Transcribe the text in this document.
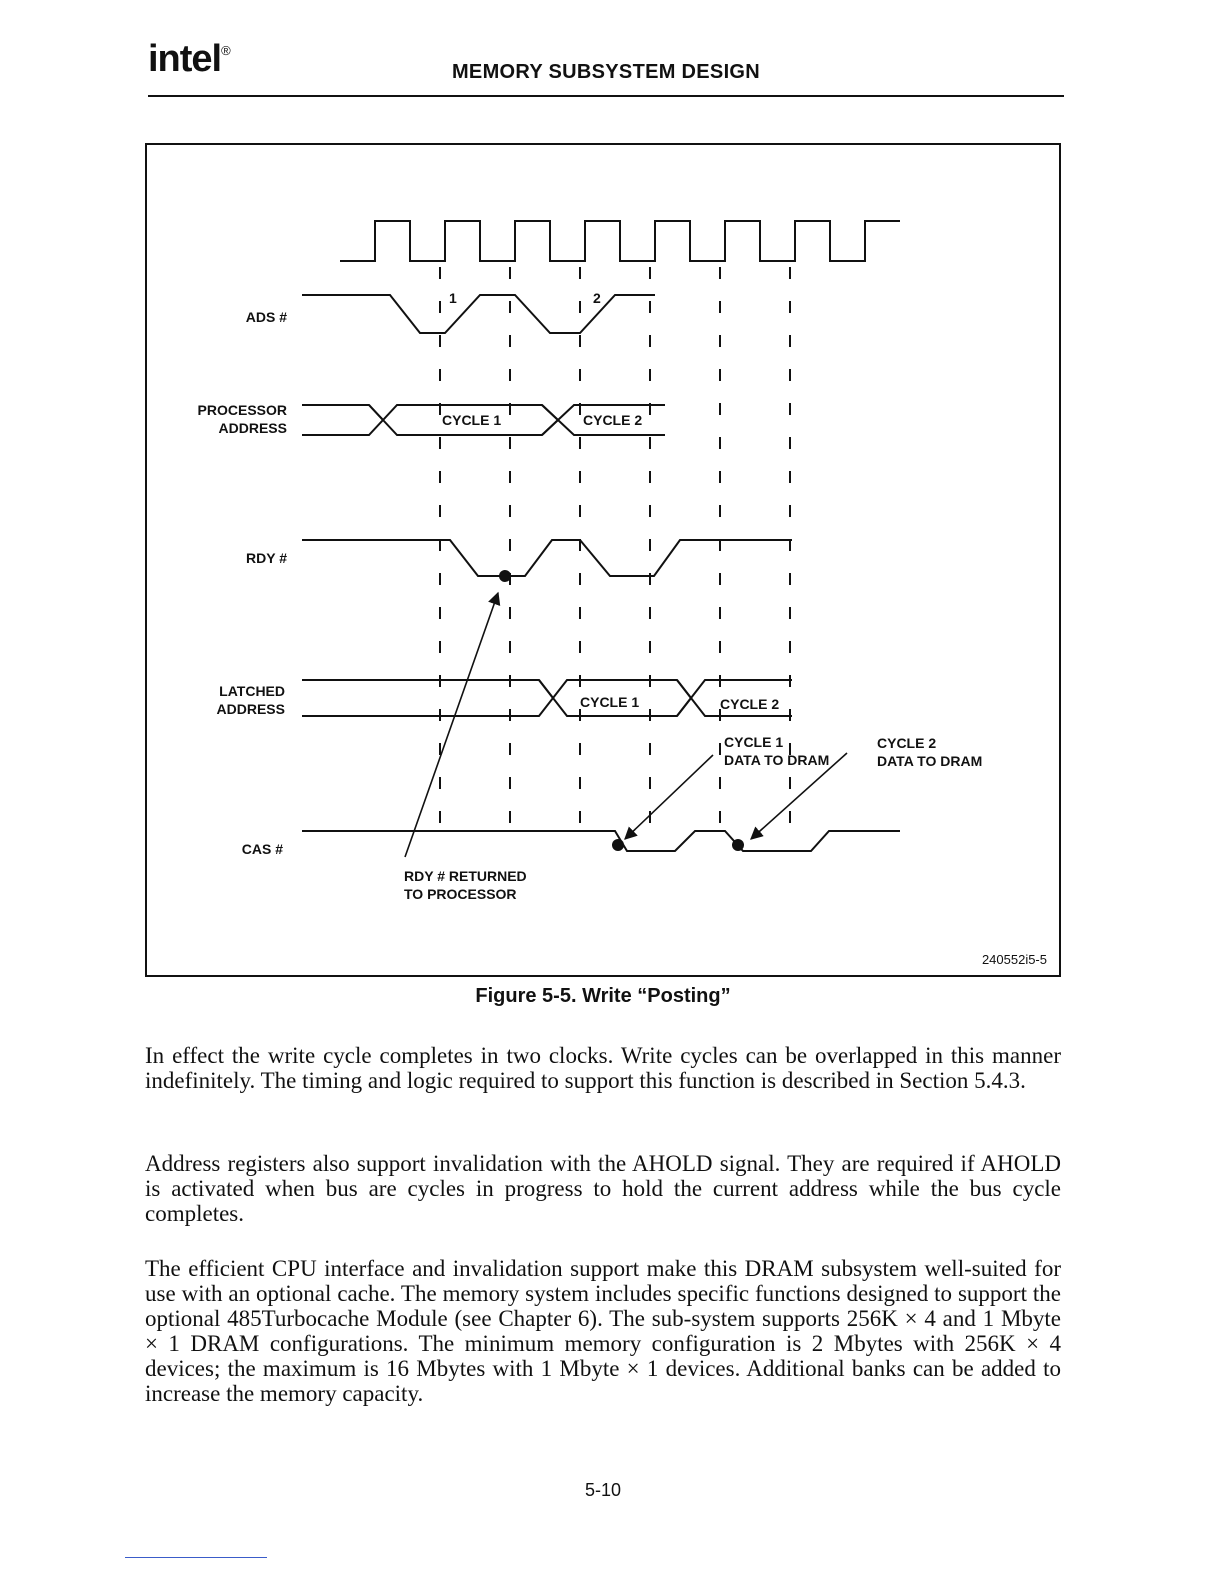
intel®
MEMORY SUBSYSTEM DESIGN
ADS #
PROCESSOR
ADDRESS
RDY #
LATCHED
ADDRESS
CAS #
1	2
CYCLE 1	CYCLE 2
CYCLE 1	CYCLE 2
CYCLE 1
DATA TO DRAM
CYCLE 2
DATA TO DRAM
RDY # RETURNED
TO PROCESSOR
240552i5-5
Figure 5-5. Write “Posting”

In effect the write cycle completes in two clocks. Write cycles can be overlapped in this manner indefinitely. The timing and logic required to support this function is described in Section 5.4.3.

Address registers also support invalidation with the AHOLD signal. They are required if AHOLD is activated when bus are cycles in progress to hold the current address while the bus cycle completes.

The efficient CPU interface and invalidation support make this DRAM subsystem well-suited for use with an optional cache. The memory system includes specific functions designed to support the optional 485Turbocache Module (see Chapter 6). The sub-system supports 256K × 4 and 1 Mbyte × 1 DRAM configurations. The minimum memory configuration is 2 Mbytes with 256K × 4 devices; the maximum is 16 Mbytes with 1 Mbyte × 1 devices. Additional banks can be added to increase the memory capacity.

5-10
